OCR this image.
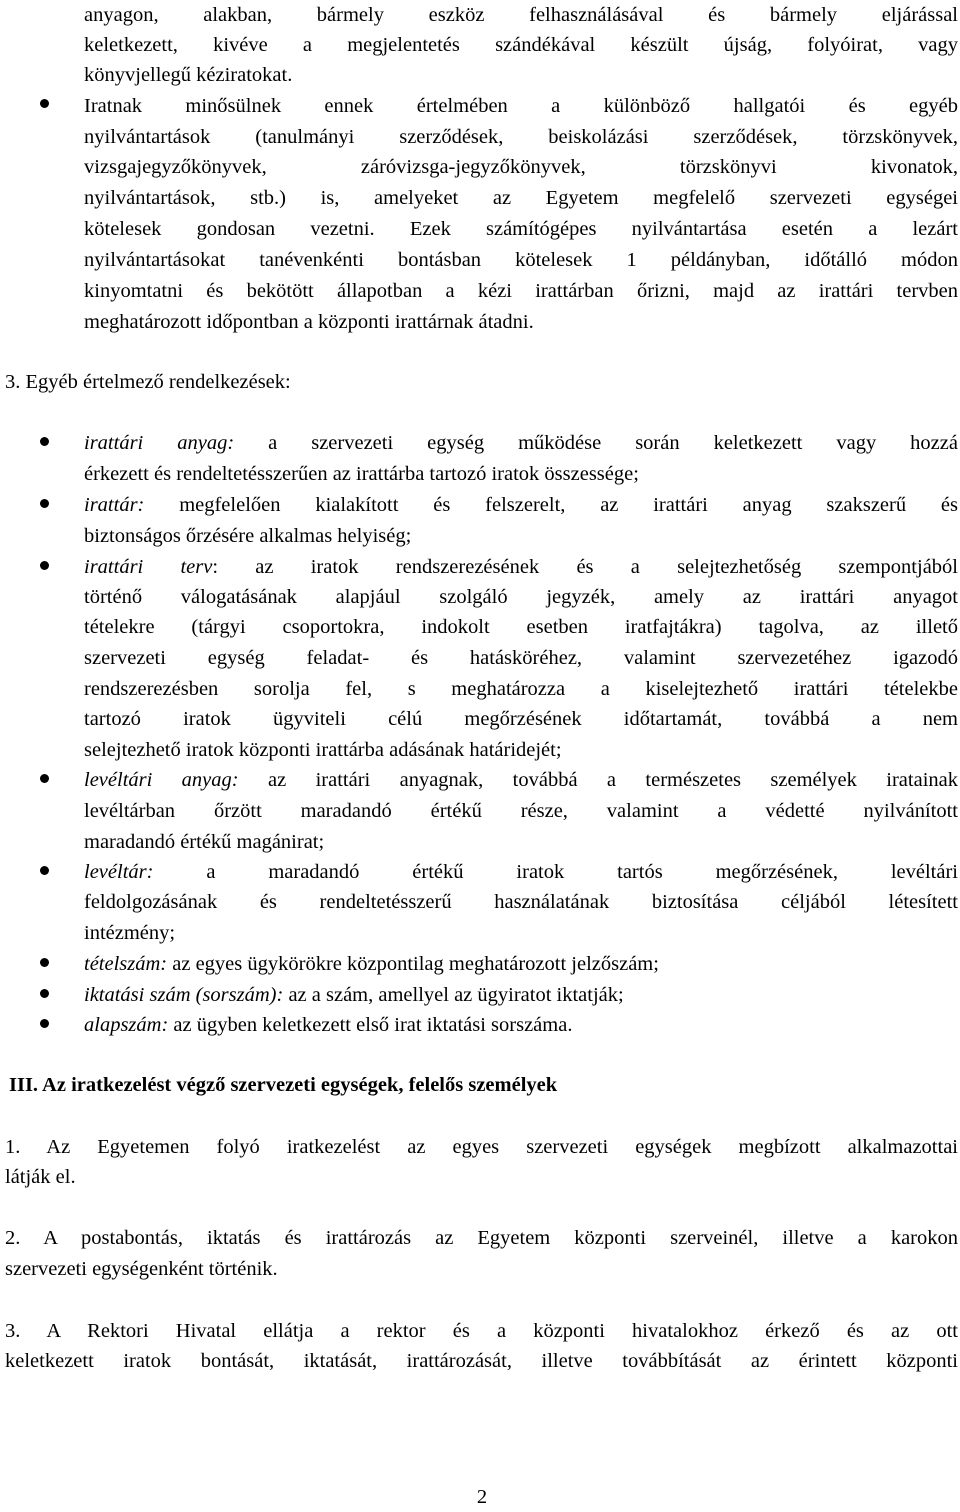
anyagon, alakban, bármely eszköz felhasználásával és bármely eljárással
keletkezett, kivéve a megjelentetés szándékával készült újság, folyóirat, vagy
könyvjellegű kéziratokat.
Iratnak minősülnek ennek értelmében a különböző hallgatói és egyéb
nyilvántartások (tanulmányi szerződések, beiskolázási szerződések, törzskönyvek,
vizsgajegyzőkönyvek, záróvizsga-jegyzőkönyvek, törzskönyvi kivonatok,
nyilvántartások, stb.) is, amelyeket az Egyetem megfelelő szervezeti egységei
kötelesek gondosan vezetni. Ezek számítógépes nyilvántartása esetén a lezárt
nyilvántartásokat tanévenkénti bontásban kötelesek 1 példányban, időtálló módon
kinyomtatni és bekötött állapotban a kézi irattárban őrizni, majd az irattári tervben
meghatározott időpontban a központi irattárnak átadni.
3. Egyéb értelmező rendelkezések:
irattári anyag: a szervezeti egység működése során keletkezett vagy hozzá
érkezett és rendeltetésszerűen az irattárba tartozó iratok összessége;
irattár: megfelelően kialakított és felszerelt, az irattári anyag szakszerű és
biztonságos őrzésére alkalmas helyiség;
irattári terv: az iratok rendszerezésének és a selejtezhetőség szempontjából
történő válogatásának alapjául szolgáló jegyzék, amely az irattári anyagot
tételekre (tárgyi csoportokra, indokolt esetben iratfajtákra) tagolva, az illető
szervezeti egység feladat- és hatásköréhez, valamint szervezetéhez igazodó
rendszerezésben sorolja fel, s meghatározza a kiselejtezhető irattári tételekbe
tartozó iratok ügyviteli célú megőrzésének időtartamát, továbbá a nem
selejtezhető iratok központi irattárba adásának határidejét;
levéltári anyag: az irattári anyagnak, továbbá a természetes személyek iratainak
levéltárban őrzött maradandó értékű része, valamint a védetté nyilvánított
maradandó értékű magánirat;
levéltár: a maradandó értékű iratok tartós megőrzésének, levéltári
feldolgozásának és rendeltetésszerű használatának biztosítása céljából létesített
intézmény;
tételszám: az egyes ügykörökre központilag meghatározott jelzőszám;
iktatási szám (sorszám): az a szám, amellyel az ügyiratot iktatják;
alapszám: az ügyben keletkezett első irat iktatási sorszáma.
III. Az iratkezelést végző szervezeti egységek, felelős személyek
1. Az Egyetemen folyó iratkezelést az egyes szervezeti egységek megbízott alkalmazottai
látják el.
2. A postabontás, iktatás és irattározás az Egyetem központi szerveinél, illetve a karokon
szervezeti egységenként történik.
3. A Rektori Hivatal ellátja a rektor és a központi hivatalokhoz érkező és az ott
keletkezett iratok bontását, iktatását, irattározását, illetve továbbítását az érintett központi
2
